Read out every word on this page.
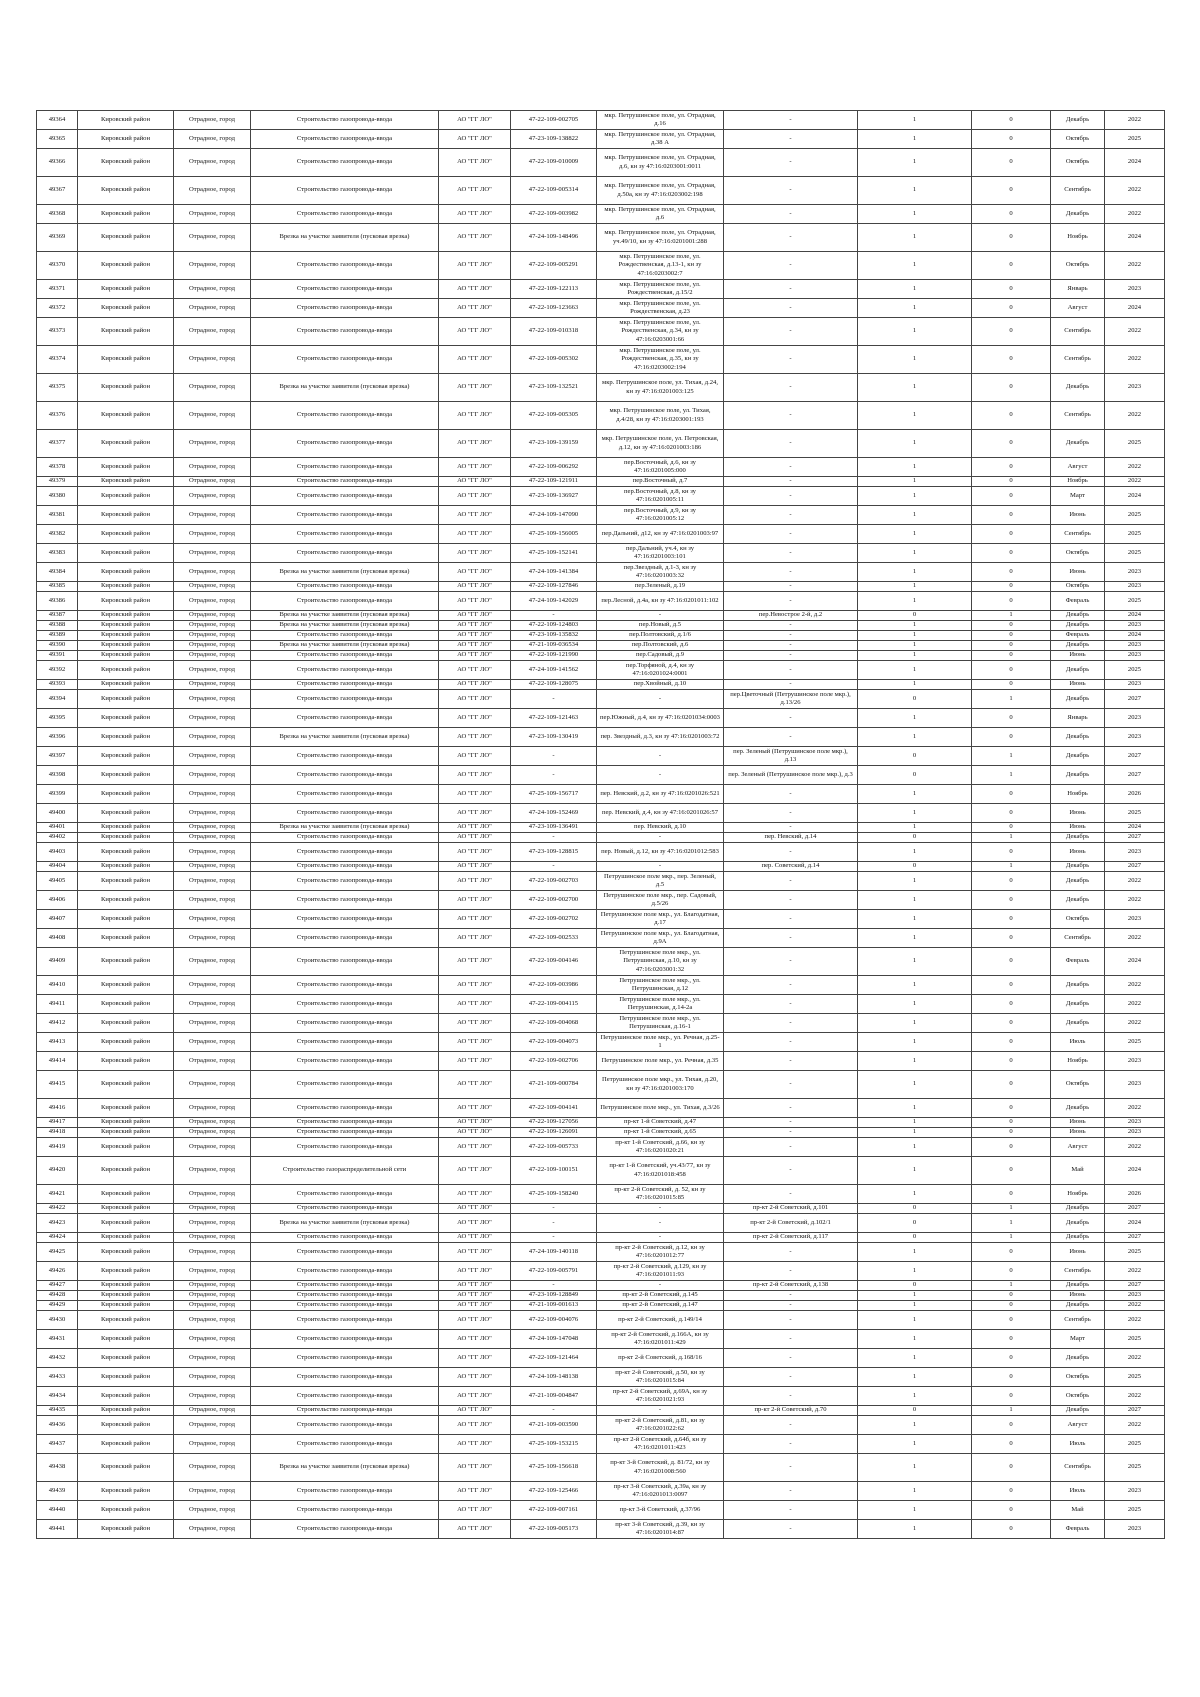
49364	Кировский район	Отрадное, город	Строительство газопровода-ввода	АО "ГГ ЛО"	47-22-109-002705	мкр. Петрушинское поле, ул. Отрадная, д.16	-	1	0	Декабрь	2022
49365	Кировский район	Отрадное, город	Строительство газопровода-ввода	АО "ГГ ЛО"	47-23-109-138822	мкр. Петрушинское поле, ул. Отрадная, д.38 А	-	1	0	Октябрь	2025
49366	Кировский район	Отрадное, город	Строительство газопровода-ввода	АО "ГГ ЛО"	47-22-109-010009	мкр. Петрушинское поле, ул. Отрадная, д.6, кн зу 47:16:0203001:0011	-	1	0	Октябрь	2024
49367	Кировский район	Отрадное, город	Строительство газопровода-ввода	АО "ГГ ЛО"	47-22-109-005314	мкр. Петрушинское поле, ул. Отрадная, д.50а, кн зу 47:16:0203002:198	-	1	0	Сентябрь	2022
49368	Кировский район	Отрадное, город	Строительство газопровода-ввода	АО "ГГ ЛО"	47-22-109-003982	мкр. Петрушинское поле, ул. Отрадная, д.6	-	1	0	Декабрь	2022
49369	Кировский район	Отрадное, город	Врезка на участке заявителя (пусковая врезка)	АО "ГГ ЛО"	47-24-109-148496	мкр. Петрушинское поле, ул. Отрадная, уч.49/10, кн зу 47:16:0201001:288	-	1	0	Ноябрь	2024
49370	Кировский район	Отрадное, город	Строительство газопровода-ввода	АО "ГГ ЛО"	47-22-109-005291	мкр. Петрушинское поле, ул. Рождественская, д.13-1, кн зу 47:16:0203002:7	-	1	0	Октябрь	2022
49371	Кировский район	Отрадное, город	Строительство газопровода-ввода	АО "ГГ ЛО"	47-22-109-122113	мкр. Петрушинское поле, ул. Рождественская, д.15/2	-	1	0	Январь	2023
49372	Кировский район	Отрадное, город	Строительство газопровода-ввода	АО "ГГ ЛО"	47-22-109-123663	мкр. Петрушинское поле, ул. Рождественская, д.23	-	1	0	Август	2024
49373	Кировский район	Отрадное, город	Строительство газопровода-ввода	АО "ГГ ЛО"	47-22-109-010318	мкр. Петрушинское поле, ул. Рождественская, д.34, кн зу 47:16:0203001:66	-	1	0	Сентябрь	2022
49374	Кировский район	Отрадное, город	Строительство газопровода-ввода	АО "ГГ ЛО"	47-22-109-005302	мкр. Петрушинское поле, ул. Рождественская, д.35, кн зу 47:16:0203002:194	-	1	0	Сентябрь	2022
49375	Кировский район	Отрадное, город	Врезка на участке заявителя (пусковая врезка)	АО "ГГ ЛО"	47-23-109-132521	мкр. Петрушинское поле, ул. Тихая, д.24, кн зу 47:16:0201003:125	-	1	0	Декабрь	2023
49376	Кировский район	Отрадное, город	Строительство газопровода-ввода	АО "ГГ ЛО"	47-22-109-005305	мкр. Петрушинское поле, ул. Тихая, д.4/28, кн зу 47:16:0203001:193	-	1	0	Сентябрь	2022
49377	Кировский район	Отрадное, город	Строительство газопровода-ввода	АО "ГГ ЛО"	47-23-109-139159	мкр. Петрушинское поле, ул. Петровская, д.12, кн зу 47:16:0201003:186	-	1	0	Декабрь	2025
49378	Кировский район	Отрадное, город	Строительство газопровода-ввода	АО "ГГ ЛО"	47-22-109-006292	пер.Восточный, д.6, кн зу 47:16:0201005:000	-	1	0	Август	2022
49379	Кировский район	Отрадное, город	Строительство газопровода-ввода	АО "ГГ ЛО"	47-22-109-121911	пер.Восточный, д.7	-	1	0	Ноябрь	2022
49380	Кировский район	Отрадное, город	Строительство газопровода-ввода	АО "ГГ ЛО"	47-23-109-136927	пер.Восточный, д.8, кн зу 47:16:0201005:11	-	1	0	Март	2024
49381	Кировский район	Отрадное, город	Строительство газопровода-ввода	АО "ГГ ЛО"	47-24-109-147090	пер.Восточный, д.9, кн зу 47:16:0201005:12	-	1	0	Июнь	2025
49382	Кировский район	Отрадное, город	Строительство газопровода-ввода	АО "ГГ ЛО"	47-25-109-156005	пер.Дальний, д12, кн зу 47:16:0201003:97	-	1	0	Сентябрь	2025
49383	Кировский район	Отрадное, город	Строительство газопровода-ввода	АО "ГГ ЛО"	47-25-109-152141	пер.Дальний, уч.4, кн зу 47:16:0201003:101	-	1	0	Октябрь	2025
49384	Кировский район	Отрадное, город	Врезка на участке заявителя (пусковая врезка)	АО "ГГ ЛО"	47-24-109-141384	пер.Звездный, д.1-3, кн зу 47:16:0201003:32	-	1	0	Июнь	2023
49385	Кировский район	Отрадное, город	Строительство газопровода-ввода	АО "ГГ ЛО"	47-22-109-127846	пер.Зеленый, д.19	-	1	0	Октябрь	2023
49386	Кировский район	Отрадное, город	Строительство газопровода-ввода	АО "ГГ ЛО"	47-24-109-142029	пер.Лесной, д.4а, кн зу 47:16:0201011:102	-	1	0	Февраль	2025
49387	Кировский район	Отрадное, город	Врезка на участке заявителя (пусковая врезка)	АО "ГГ ЛО"	-	-	пер.Невострое 2-й, д.2	0	1	Декабрь	2024
49388	Кировский район	Отрадное, город	Врезка на участке заявителя (пусковая врезка)	АО "ГГ ЛО"	47-22-109-124803	пер.Новый, д.5	-	1	0	Декабрь	2023
49389	Кировский район	Отрадное, город	Строительство газопровода-ввода	АО "ГГ ЛО"	47-23-109-135832	пер.Полтовский, д.1/6	-	1	0	Февраль	2024
49390	Кировский район	Отрадное, город	Врезка на участке заявителя (пусковая врезка)	АО "ГГ ЛО"	47-21-109-036534	пер.Полтовский, д.6	-	1	0	Декабрь	2023
49391	Кировский район	Отрадное, город	Строительство газопровода-ввода	АО "ГГ ЛО"	47-22-109-121990	пер.Садовый, д.9	-	1	0	Июнь	2023
49392	Кировский район	Отрадное, город	Строительство газопровода-ввода	АО "ГГ ЛО"	47-24-109-141562	пер.Торфяной, д.4, кн зу 47:16:0201024:0001	-	1	0	Декабрь	2025
49393	Кировский район	Отрадное, город	Строительство газопровода-ввода	АО "ГГ ЛО"	47-22-109-128075	пер.Хвойный, д.10	-	1	0	Июнь	2023
49394	Кировский район	Отрадное, город	Строительство газопровода-ввода	АО "ГГ ЛО"	-	-	пер.Цветочный (Петрушинское поле мкр.), д.13/26	0	1	Декабрь	2027
49395	Кировский район	Отрадное, город	Строительство газопровода-ввода	АО "ГГ ЛО"	47-22-109-121463	пер.Южный, д.4, кн зу 47:16:0201034:0003	-	1	0	Январь	2023
49396	Кировский район	Отрадное, город	Врезка на участке заявителя (пусковая врезка)	АО "ГГ ЛО"	47-23-109-130419	пер. Звездный, д.3, кн зу 47:16:0201003:72	-	1	0	Декабрь	2023
49397	Кировский район	Отрадное, город	Строительство газопровода-ввода	АО "ГГ ЛО"	-	-	пер. Зеленый (Петрушинское поле мкр.), д.13	0	1	Декабрь	2027
49398	Кировский район	Отрадное, город	Строительство газопровода-ввода	АО "ГГ ЛО"	-	-	пер. Зеленый (Петрушинское поле мкр.), д.3	0	1	Декабрь	2027
49399	Кировский район	Отрадное, город	Строительство газопровода-ввода	АО "ГГ ЛО"	47-25-109-156717	пер. Невский, д.2, кн зу 47:16:0201026:521	-	1	0	Ноябрь	2026
49400	Кировский район	Отрадное, город	Строительство газопровода-ввода	АО "ГГ ЛО"	47-24-109-152469	пер. Невский, д.4, кн зу 47:16:0201026:57	-	1	0	Июнь	2025
49401	Кировский район	Отрадное, город	Врезка на участке заявителя (пусковая врезка)	АО "ГГ ЛО"	47-23-109-136491	пер. Невский, д.10	-	1	0	Июнь	2024
49402	Кировский район	Отрадное, город	Строительство газопровода-ввода	АО "ГГ ЛО"	-	-	пер. Невский, д.14	0	1	Декабрь	2027
49403	Кировский район	Отрадное, город	Строительство газопровода-ввода	АО "ГГ ЛО"	47-23-109-128815	пер. Новый, д.12, кн зу 47:16:0201012:583	-	1	0	Июнь	2023
49404	Кировский район	Отрадное, город	Строительство газопровода-ввода	АО "ГГ ЛО"	-	-	пер. Советский, д.14	0	1	Декабрь	2027
49405	Кировский район	Отрадное, город	Строительство газопровода-ввода	АО "ГГ ЛО"	47-22-109-002703	Петрушинское поле мкр., пер. Зеленый, д.5	-	1	0	Декабрь	2022
49406	Кировский район	Отрадное, город	Строительство газопровода-ввода	АО "ГГ ЛО"	47-22-109-002700	Петрушинское поле мкр., пер. Садовый, д.5/26	-	1	0	Декабрь	2022
49407	Кировский район	Отрадное, город	Строительство газопровода-ввода	АО "ГГ ЛО"	47-22-109-002702	Петрушинское поле мкр., ул. Благодатная, д.17	-	1	0	Октябрь	2023
49408	Кировский район	Отрадное, город	Строительство газопровода-ввода	АО "ГГ ЛО"	47-22-109-002533	Петрушинское поле мкр., ул. Благодатная, д.9А	-	1	0	Сентябрь	2022
49409	Кировский район	Отрадное, город	Строительство газопровода-ввода	АО "ГГ ЛО"	47-22-109-004146	Петрушинское поле мкр., ул. Петрушинская, д.10, кн зу 47:16:0203001:32	-	1	0	Февраль	2024
49410	Кировский район	Отрадное, город	Строительство газопровода-ввода	АО "ГГ ЛО"	47-22-109-003986	Петрушинское поле мкр., ул. Петрушинская, д.12	-	1	0	Декабрь	2022
49411	Кировский район	Отрадное, город	Строительство газопровода-ввода	АО "ГГ ЛО"	47-22-109-004115	Петрушинское поле мкр., ул. Петрушинская, д.14-2а	-	1	0	Декабрь	2022
49412	Кировский район	Отрадное, город	Строительство газопровода-ввода	АО "ГГ ЛО"	47-22-109-004068	Петрушинское поле мкр., ул. Петрушинская, д.16-1	-	1	0	Декабрь	2022
49413	Кировский район	Отрадное, город	Строительство газопровода-ввода	АО "ГГ ЛО"	47-22-109-004073	Петрушинское поле мкр., ул. Речная, д.25-1	-	1	0	Июль	2025
49414	Кировский район	Отрадное, город	Строительство газопровода-ввода	АО "ГГ ЛО"	47-22-109-002706	Петрушинское поле мкр., ул. Речная, д.35	-	1	0	Ноябрь	2023
49415	Кировский район	Отрадное, город	Строительство газопровода-ввода	АО "ГГ ЛО"	47-21-109-000784	Петрушинское поле мкр., ул. Тихая, д.20, кн зу 47:16:0201003:170	-	1	0	Октябрь	2023
49416	Кировский район	Отрадное, город	Строительство газопровода-ввода	АО "ГГ ЛО"	47-22-109-004141	Петрушинское поле мкр., ул. Тихая, д.3/26	-	1	0	Декабрь	2022
49417	Кировский район	Отрадное, город	Строительство газопровода-ввода	АО "ГГ ЛО"	47-22-109-127056	пр-кт 1-й Советский, д.47	-	1	0	Июнь	2023
49418	Кировский район	Отрадное, город	Строительство газопровода-ввода	АО "ГГ ЛО"	47-22-109-126091	пр-кт 1-й Советский, д.65	-	1	0	Июнь	2023
49419	Кировский район	Отрадное, город	Строительство газопровода-ввода	АО "ГГ ЛО"	47-22-109-005733	пр-кт 1-й Советский, д.66, кн зу 47:16:0201020:21	-	1	0	Август	2022
49420	Кировский район	Отрадное, город	Строительство газораспределительной сети	АО "ГГ ЛО"	47-22-109-100151	пр-кт 1-й Советский, уч.43/77, кн зу 47:16:0201018:458	-	1	0	Май	2024
49421	Кировский район	Отрадное, город	Строительство газопровода-ввода	АО "ГГ ЛО"	47-25-109-158240	пр-кт 2-й Советский, д. 52, кн зу 47:16:0201015:85	-	1	0	Ноябрь	2026
49422	Кировский район	Отрадное, город	Строительство газопровода-ввода	АО "ГГ ЛО"	-	-	пр-кт 2-й Советский, д.101	0	1	Декабрь	2027
49423	Кировский район	Отрадное, город	Врезка на участке заявителя (пусковая врезка)	АО "ГГ ЛО"	-	-	пр-кт 2-й Советский, д.102/1	0	1	Декабрь	2024
49424	Кировский район	Отрадное, город	Строительство газопровода-ввода	АО "ГГ ЛО"	-	-	пр-кт 2-й Советский, д.117	0	1	Декабрь	2027
49425	Кировский район	Отрадное, город	Строительство газопровода-ввода	АО "ГГ ЛО"	47-24-109-140118	пр-кт 2-й Советский, д.12, кн зу 47:16:0201012:77	-	1	0	Июнь	2025
49426	Кировский район	Отрадное, город	Строительство газопровода-ввода	АО "ГГ ЛО"	47-22-109-005791	пр-кт 2-й Советский, д.129, кн зу 47:16:0201011:93	-	1	0	Сентябрь	2022
49427	Кировский район	Отрадное, город	Строительство газопровода-ввода	АО "ГГ ЛО"	-	-	пр-кт 2-й Советский, д.138	0	1	Декабрь	2027
49428	Кировский район	Отрадное, город	Строительство газопровода-ввода	АО "ГГ ЛО"	47-23-109-128849	пр-кт 2-й Советский, д.145	-	1	0	Июнь	2023
49429	Кировский район	Отрадное, город	Строительство газопровода-ввода	АО "ГГ ЛО"	47-21-109-001613	пр-кт 2-й Советский, д.147	-	1	0	Декабрь	2022
49430	Кировский район	Отрадное, город	Строительство газопровода-ввода	АО "ГГ ЛО"	47-22-109-004076	пр-кт 2-й Советский, д.149/14	-	1	0	Сентябрь	2022
49431	Кировский район	Отрадное, город	Строительство газопровода-ввода	АО "ГГ ЛО"	47-24-109-147048	пр-кт 2-й Советский, д.166А, кн зу 47:16:0201011:429	-	1	0	Март	2025
49432	Кировский район	Отрадное, город	Строительство газопровода-ввода	АО "ГГ ЛО"	47-22-109-121464	пр-кт 2-й Советский, д.168/16	-	1	0	Декабрь	2022
49433	Кировский район	Отрадное, город	Строительство газопровода-ввода	АО "ГГ ЛО"	47-24-109-148138	пр-кт 2-й Советский, д.50, кн зу 47:16:0201015:84	-	1	0	Октябрь	2025
49434	Кировский район	Отрадное, город	Строительство газопровода-ввода	АО "ГГ ЛО"	47-21-109-004847	пр-кт 2-й Советский, д.69А, кн зу 47:16:0201021:93	-	1	0	Октябрь	2022
49435	Кировский район	Отрадное, город	Строительство газопровода-ввода	АО "ГГ ЛО"	-	-	пр-кт 2-й Советский, д.70	0	1	Декабрь	2027
49436	Кировский район	Отрадное, город	Строительство газопровода-ввода	АО "ГГ ЛО"	47-21-109-003590	пр-кт 2-й Советский, д.81, кн зу 47:16:0201022:62	-	1	0	Август	2022
49437	Кировский район	Отрадное, город	Строительство газопровода-ввода	АО "ГГ ЛО"	47-25-109-153215	пр-кт 2-й Советский, д.64б, кн зу 47:16:0201011:423	-	1	0	Июль	2025
49438	Кировский район	Отрадное, город	Врезка на участке заявителя (пусковая врезка)	АО "ГГ ЛО"	47-25-109-156618	пр-кт 3-й Советский, д. 81/72, кн зу 47:16:0201008:560	-	1	0	Сентябрь	2025
49439	Кировский район	Отрадное, город	Строительство газопровода-ввода	АО "ГГ ЛО"	47-22-109-125466	пр-кт 3-й Советский, д.39а, кн зу 47:16:0201013:0097	-	1	0	Июль	2023
49440	Кировский район	Отрадное, город	Строительство газопровода-ввода	АО "ГГ ЛО"	47-22-109-007161	пр-кт 3-й Советский, д.37/96	-	1	0	Май	2025
49441	Кировский район	Отрадное, город	Строительство газопровода-ввода	АО "ГГ ЛО"	47-22-109-005173	пр-кт 3-й Советский, д.39, кн зу 47:16:0201014:87	-	1	0	Февраль	2023
